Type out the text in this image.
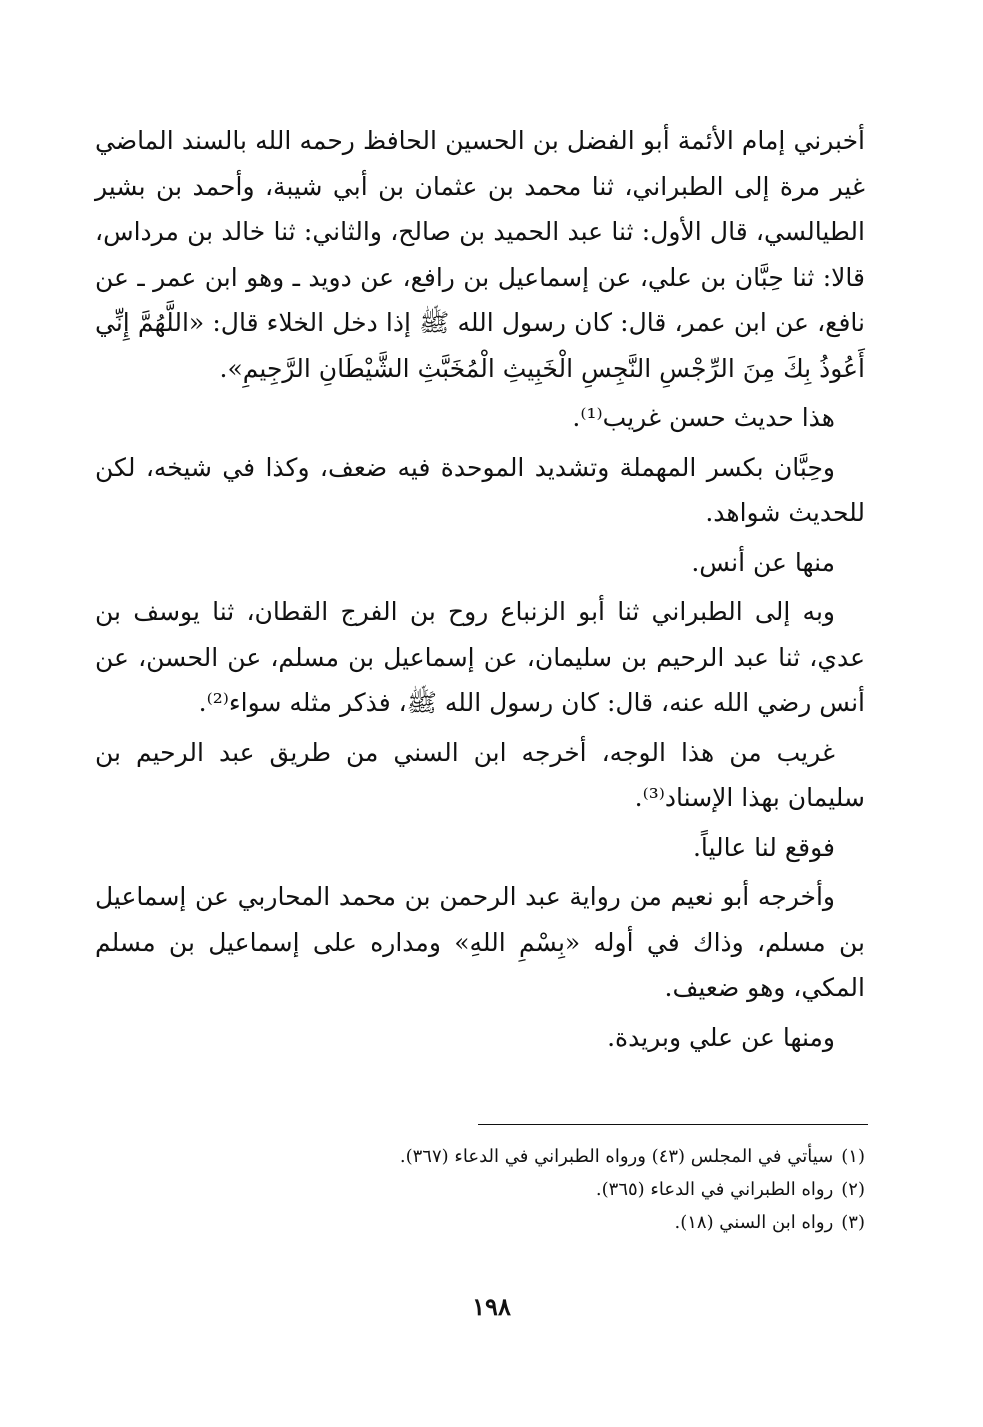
أخبرني إمام الأئمة أبو الفضل بن الحسين الحافظ رحمه الله بالسند الماضي غير مرة إلى الطبراني، ثنا محمد بن عثمان بن أبي شيبة، وأحمد بن بشير الطيالسي، قال الأول: ثنا عبد الحميد بن صالح، والثاني: ثنا خالد بن مرداس، قالا: ثنا حِبَّان بن علي، عن إسماعيل بن رافع، عن دويد ـ وهو ابن عمر ـ عن نافع، عن ابن عمر، قال: كان رسول الله ﷺ إذا دخل الخلاء قال: «اللَّهُمَّ إِنِّي أَعُوذُ بِكَ مِنَ الرِّجْسِ النَّجِسِ الْخَبِيثِ الْمُخَبَّثِ الشَّيْطَانِ الرَّجِيمِ».

هذا حديث حسن غريب⁽¹⁾.

وحِبَّان بكسر المهملة وتشديد الموحدة فيه ضعف، وكذا في شيخه، لكن للحديث شواهد.

منها عن أنس.

وبه إلى الطبراني ثنا أبو الزنباع روح بن الفرج القطان، ثنا يوسف بن عدي، ثنا عبد الرحيم بن سليمان، عن إسماعيل بن مسلم، عن الحسن، عن أنس رضي الله عنه، قال: كان رسول الله ﷺ، فذكر مثله سواء⁽²⁾.

غريب من هذا الوجه، أخرجه ابن السني من طريق عبد الرحيم بن سليمان بهذا الإسناد⁽³⁾.

فوقع لنا عالياً.

وأخرجه أبو نعيم من رواية عبد الرحمن بن محمد المحاربي عن إسماعيل بن مسلم، وذاك في أوله «بِسْمِ اللهِ» ومداره على إسماعيل بن مسلم المكي، وهو ضعيف.

ومنها عن علي وبريدة.

(١)سيأتي في المجلس (٤٣) ورواه الطبراني في الدعاء (٣٦٧).

(٢)رواه الطبراني في الدعاء (٣٦٥).

(٣)رواه ابن السني (١٨).

١٩٨
